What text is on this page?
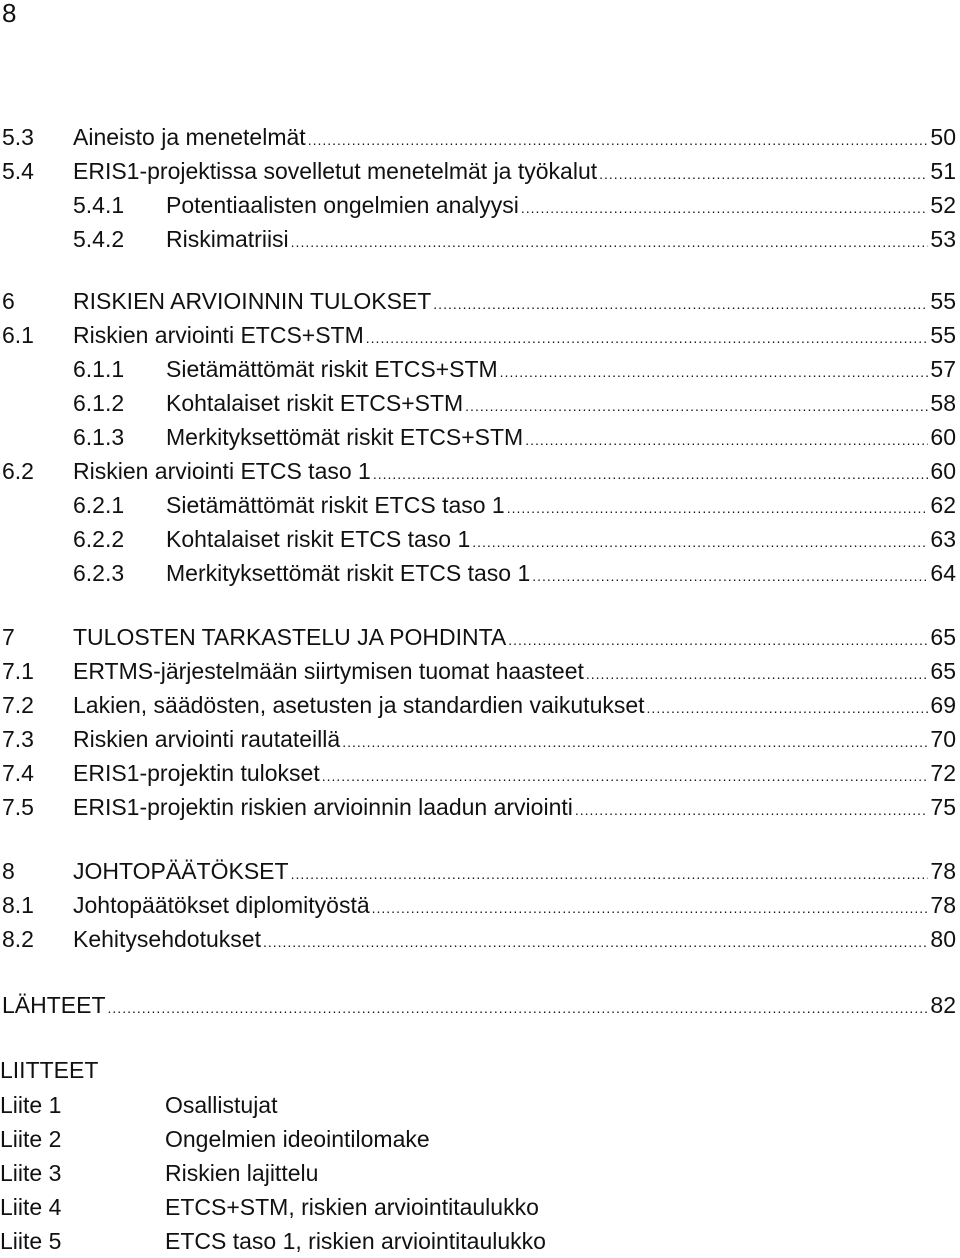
8
5.3 Aineisto ja menetelmät .....	50
5.4 ERIS1-projektissa sovelletut menetelmät ja työkalut .....	51
5.4.1 Potentiaalisten ongelmien analyysi .....	52
5.4.2 Riskimatriisi .....	53
6	RISKIEN ARVIOINNIN TULOKSET .....	55
6.1 Riskien arviointi ETCS+STM .....	55
6.1.1 Sietämättömät riskit ETCS+STM .....	57
6.1.2 Kohtalaiset riskit ETCS+STM .....	58
6.1.3 Merkityksettömät riskit ETCS+STM .....	60
6.2 Riskien arviointi ETCS taso 1 .....	60
6.2.1 Sietämättömät riskit ETCS taso 1 .....	62
6.2.2 Kohtalaiset riskit ETCS taso 1 .....	63
6.2.3 Merkityksettömät riskit ETCS taso 1 .....	64
7	TULOSTEN TARKASTELU JA POHDINTA .....	65
7.1 ERTMS-järjestelmään siirtymisen tuomat haasteet .....	65
7.2 Lakien, säädösten, asetusten ja standardien vaikutukset .....	69
7.3 Riskien arviointi rautateillä .....	70
7.4 ERIS1-projektin tulokset .....	72
7.5 ERIS1-projektin riskien arvioinnin laadun arviointi .....	75
8	JOHTOPÄÄTÖKSET .....	78
8.1 Johtopäätökset diplomityöstä .....	78
8.2 Kehitysehdotukset .....	80
LÄHTEET .....	82
LIITTEET
Liite 1	Osallistujat
Liite 2	Ongelmien ideointilomake
Liite 3	Riskien lajittelu
Liite 4	ETCS+STM, riskien arviointitaulukko
Liite 5	ETCS taso 1, riskien arviointitaulukko
